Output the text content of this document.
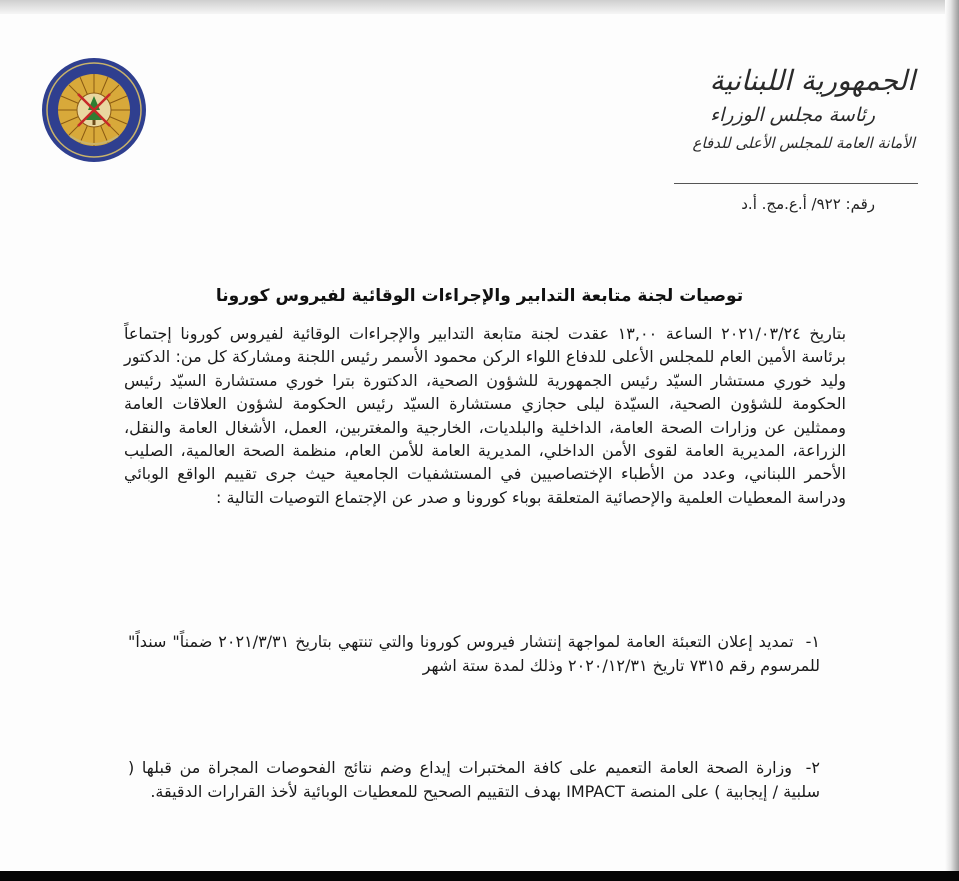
الجمهورية اللبنانية
رئاسة مجلس الوزراء
الأمانة العامة للمجلس الأعلى للدفاع
رقم: ٩٢٢/ أ.ع.مج. أ.د
توصيات لجنة متابعة التدابير والإجراءات الوقائية لفيروس كورونا
بتاريخ ٢٠٢١/٠٣/٢٤ الساعة ١٣,٠٠ عقدت لجنة متابعة التدابير والإجراءات الوقائية لفيروس كورونا إجتماعاً برئاسة الأمين العام للمجلس الأعلى للدفاع اللواء الركن محمود الأسمر رئيس اللجنة ومشاركة كل من: الدكتور وليد خوري مستشار السيّد رئيس الجمهورية للشؤون الصحية، الدكتورة بترا خوري مستشارة السيّد رئيس الحكومة للشؤون الصحية، السيّدة ليلى حجازي مستشارة السيّد رئيس الحكومة لشؤون العلاقات العامة وممثلين عن وزارات الصحة العامة، الداخلية والبلديات، الخارجية والمغتربين، العمل، الأشغال العامة والنقل، الزراعة، المديرية العامة لقوى الأمن الداخلي، المديرية العامة للأمن العام، منظمة الصحة العالمية، الصليب الأحمر اللبناني، وعدد من الأطباء الإختصاصيين في المستشفيات الجامعية حيث جرى تقييم الواقع الوبائي ودراسة المعطيات العلمية والإحصائية المتعلقة بوباء كورونا و صدر عن الإجتماع التوصيات التالية :
١- تمديد إعلان التعبئة العامة لمواجهة إنتشار فيروس كورونا والتي تنتهي بتاريخ ٢٠٢١/٣/٣١ ضمناً" سنداً" للمرسوم رقم ٧٣١٥ تاريخ ٢٠٢٠/١٢/٣١ وذلك لمدة ستة اشهر
٢- وزارة الصحة العامة التعميم على كافة المختبرات إيداع وضم نتائج الفحوصات المجراة من قبلها ( سلبية / إيجابية ) على المنصة IMPACT بهدف التقييم الصحيح للمعطيات الوبائية لأخذ القرارات الدقيقة.
